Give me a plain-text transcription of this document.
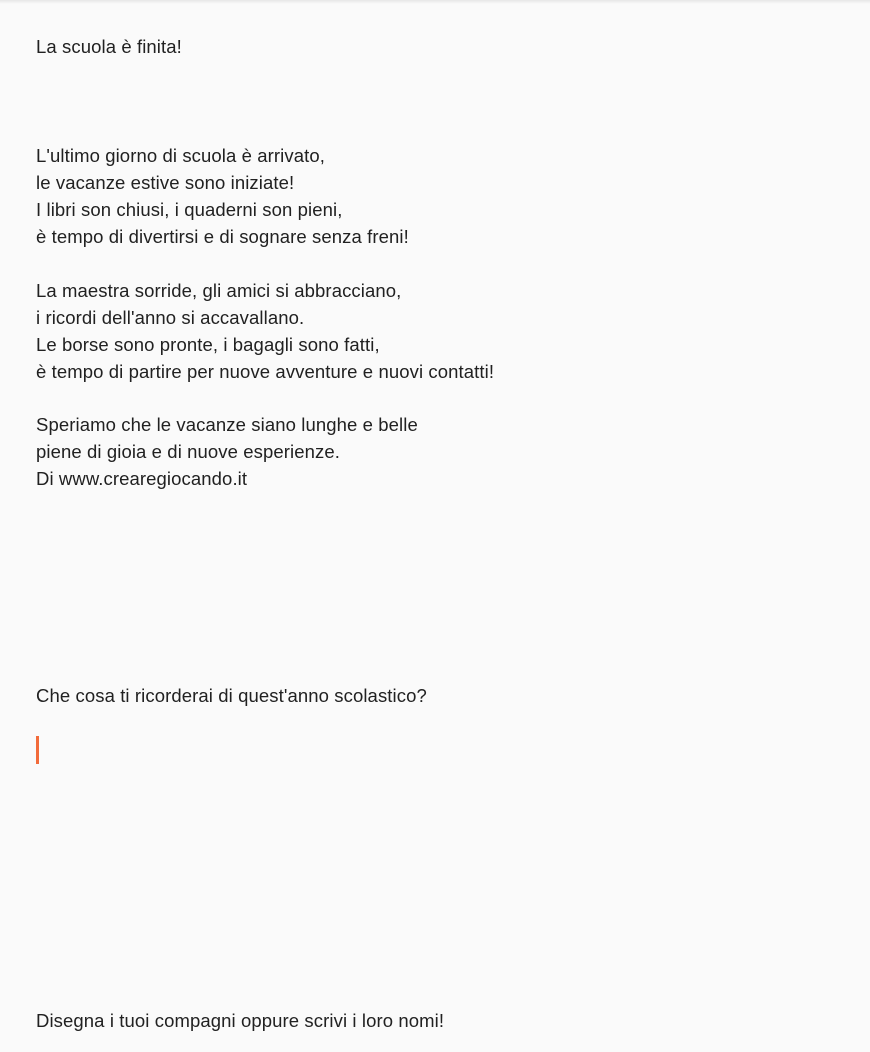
La scuola è finita!
L'ultimo giorno di scuola è arrivato,
le vacanze estive sono iniziate!
I libri son chiusi, i quaderni son pieni,
è tempo di divertirsi e di sognare senza freni!
La maestra sorride, gli amici si abbracciano,
i ricordi dell'anno si accavallano.
Le borse sono pronte, i bagagli sono fatti,
è tempo di partire per nuove avventure e nuovi contatti!
Speriamo che le vacanze siano lunghe e belle
piene di gioia e di nuove esperienze.
Di www.crearegiocando.it
Che cosa ti ricorderai di quest'anno scolastico?
Disegna i tuoi compagni oppure scrivi i loro nomi!
